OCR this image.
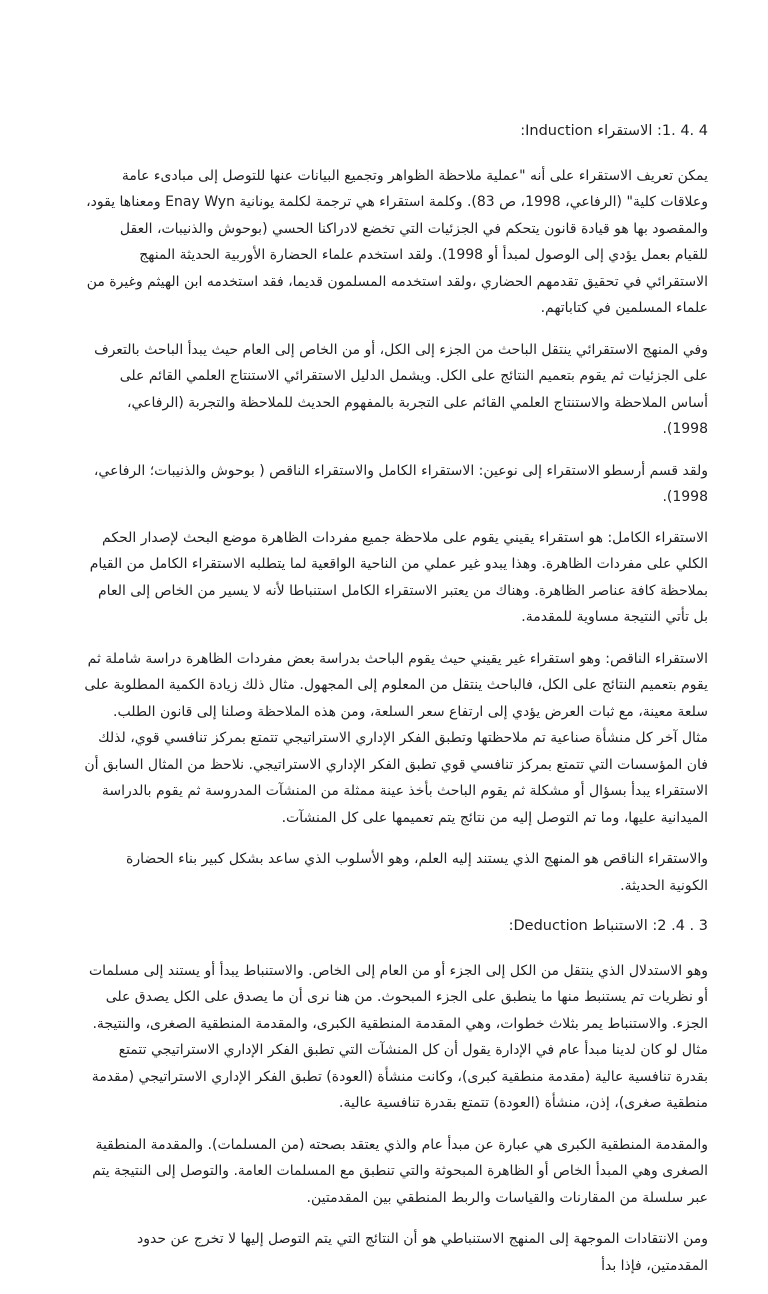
4 .4 .1: الاستقراء Induction:

يمكن تعريف الاستقراء على أنه "عملية ملاحظة الظواهر وتجميع البيانات عنها للتوصل إلى مبادىء عامة وعلاقات كلية" (الرفاعي، 1998، ص 83). وكلمة استقراء هي ترجمة لكلمة يونانية Enay Wyn ومعناها يقود، والمقصود بها هو قيادة قانون يتحكم في الجزئيات التي تخضع لادراكنا الحسي (بوحوش والذنيبات، العقل للقيام بعمل يؤدي إلى الوصول لمبدأ أو 1998). ولقد استخدم علماء الحضارة الأوربية الحديثة المنهج الاستقرائي في تحقيق تقدمهم الحضاري ،ولقد استخدمه المسلمون قديما، فقد استخدمه ابن الهيثم وغيرة من علماء المسلمين في كتاباتهم.

وفي المنهج الاستقرائي ينتقل الباحث من الجزء إلى الكل، أو من الخاص إلى العام حيث يبدأ الباحث بالتعرف على الجزئيات ثم يقوم بتعميم النتائج على الكل. ويشمل الدليل الاستقرائي الاستنتاج العلمي القائم على أساس الملاحظة والاستنتاج العلمي القائم على التجربة بالمفهوم الحديث للملاحظة والتجربة (الرفاعي، 1998).

ولقد قسم أرسطو الاستقراء إلى نوعين: الاستقراء الكامل والاستقراء الناقص ( بوحوش والذنيبات؛ الرفاعي، 1998).

الاستقراء الكامل: هو استقراء يقيني يقوم على ملاحظة جميع مفردات الظاهرة موضع البحث لإصدار الحكم الكلي على مفردات الظاهرة. وهذا يبدو غير عملي من الناحية الواقعية لما يتطلبه الاستقراء الكامل من القيام بملاحظة كافة عناصر الظاهرة. وهناك من يعتبر الاستقراء الكامل استنباطا لأنه لا يسير من الخاص إلى العام بل تأتي النتيجة مساوية للمقدمة.

الاستقراء الناقص: وهو استقراء غير يقيني حيث يقوم الباحث بدراسة بعض مفردات الظاهرة دراسة شاملة ثم يقوم بتعميم النتائج على الكل، فالباحث ينتقل من المعلوم إلى المجهول. مثال ذلك زيادة الكمية المطلوبة على سلعة معينة، مع ثبات العرض يؤدي إلى ارتفاع سعر السلعة، ومن هذه الملاحظة وصلنا إلى قانون الطلب. مثال آخر كل منشأة صناعية تم ملاحظتها وتطبق الفكر الإداري الاستراتيجي تتمتع بمركز تنافسي قوي، لذلك فان المؤسسات التي تتمتع بمركز تنافسي قوي تطبق الفكر الإداري الاستراتيجي. نلاحظ من المثال السابق أن الاستقراء يبدأ بسؤال أو مشكلة ثم يقوم الباحث بأخذ عينة ممثلة من المنشآت المدروسة ثم يقوم بالدراسة الميدانية عليها، وما تم التوصل إليه من نتائج يتم تعميمها على كل المنشآت.

والاستقراء الناقص هو المنهج الذي يستند إليه العلم، وهو الأسلوب الذي ساعد بشكل كبير بناء الحضارة الكونية الحديثة.

3 . 4. 2: الاستنباط Deduction:

وهو الاستدلال الذي ينتقل من الكل إلى الجزء أو من العام إلى الخاص. والاستنباط يبدأ أو يستند إلى مسلمات أو نظريات تم يستنبط منها ما ينطبق على الجزء المبحوث. من هنا نرى أن ما يصدق على الكل يصدق على الجزء. والاستنباط يمر بثلاث خطوات، وهي المقدمة المنطقية الكبرى، والمقدمة المنطقية الصغرى، والنتيجة. مثال لو كان لدينا مبدأ عام في الإدارة يقول أن كل المنشآت التي تطبق الفكر الإداري الاستراتيجي تتمتع بقدرة تنافسية عالية (مقدمة منطقية كبرى)، وكانت منشأة (العودة) تطبق الفكر الإداري الاستراتيجي (مقدمة منطقية صغرى)، إذن، منشأة (العودة) تتمتع بقدرة تنافسية عالية.

والمقدمة المنطقية الكبرى هي عبارة عن مبدأ عام والذي يعتقد بصحته (من المسلمات). والمقدمة المنطقية الصغرى وهي المبدأ الخاص أو الظاهرة المبحوثة والتي تنطبق مع المسلمات العامة. والتوصل إلى النتيجة يتم عبر سلسلة من المقارنات والقياسات والربط المنطقي بين المقدمتين.

ومن الانتقادات الموجهة إلى المنهج الاستنباطي هو أن النتائج التي يتم التوصل إليها لا تخرج عن حدود المقدمتين، فإذا بدأ
